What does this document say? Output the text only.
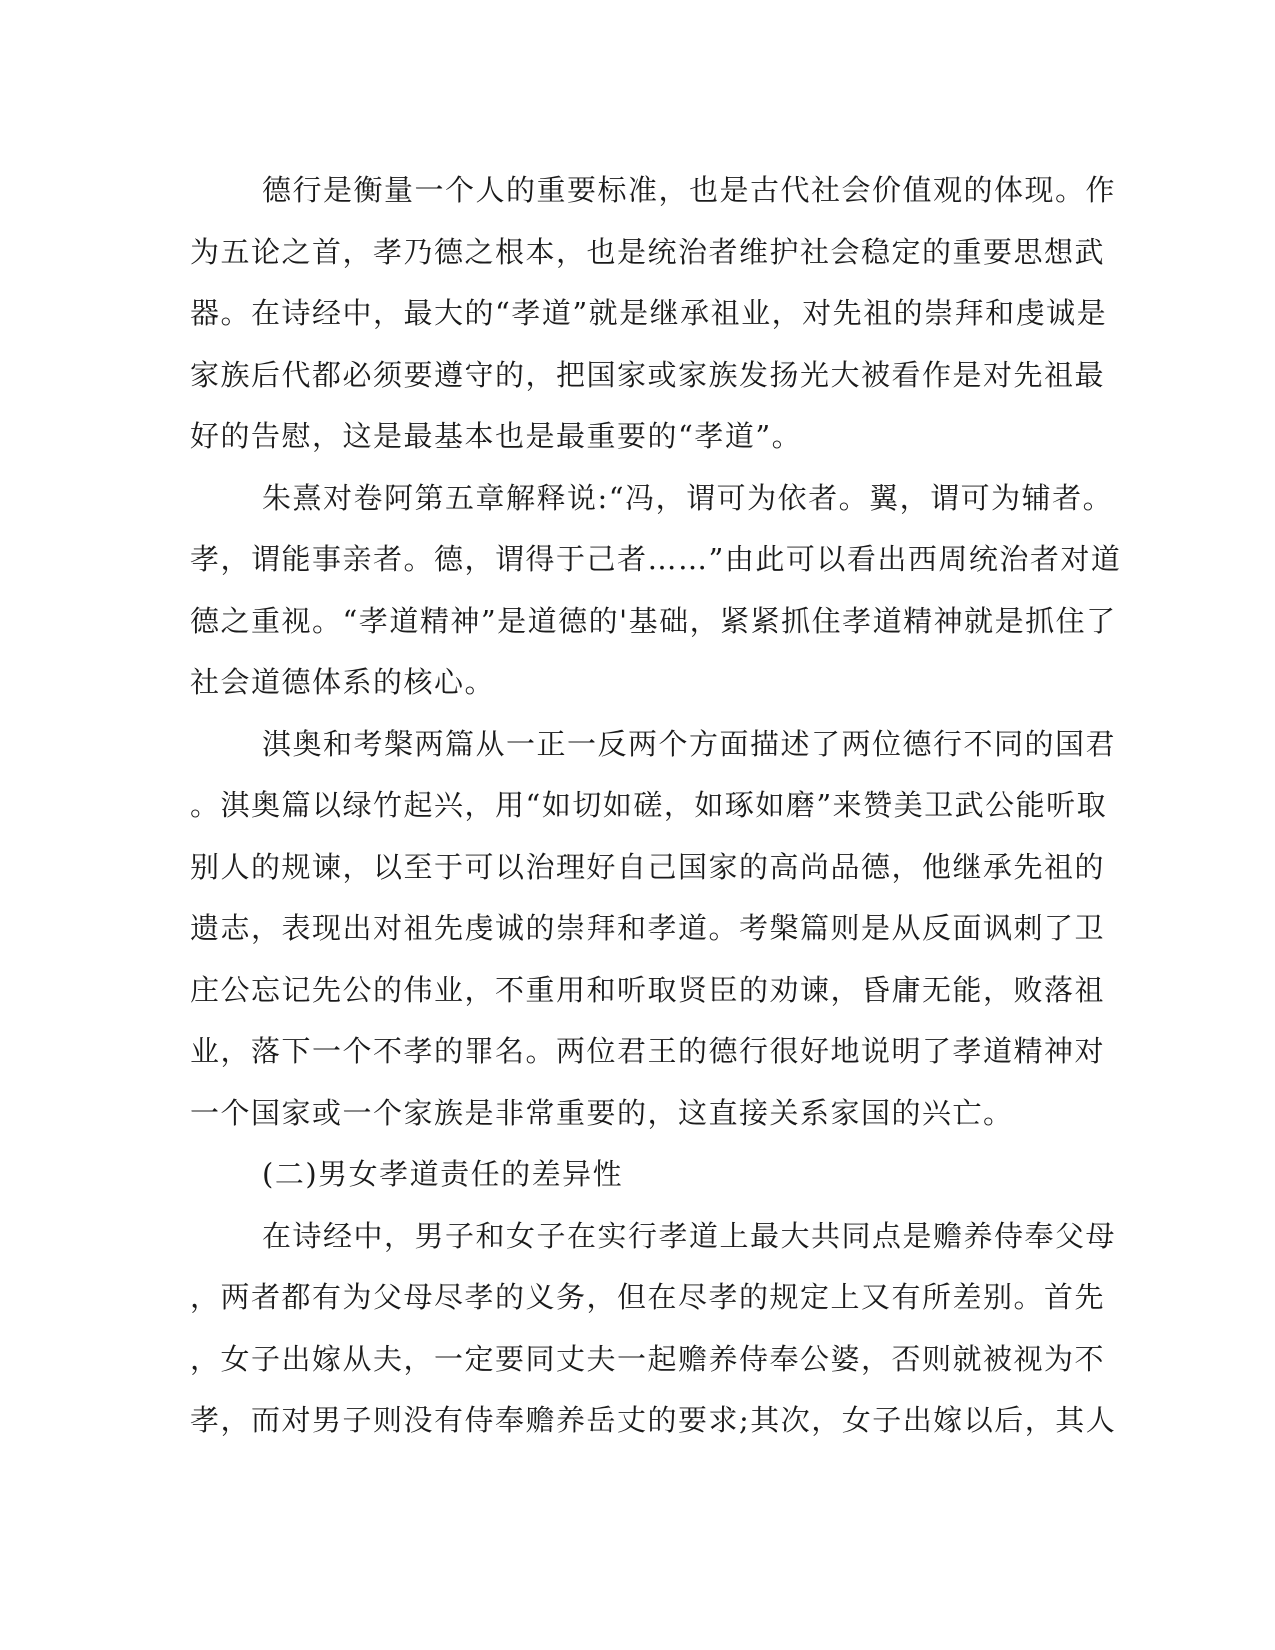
德行是衡量一个人的重要标准，也是古代社会价值观的体现。作
为五论之首，孝乃德之根本，也是统治者维护社会稳定的重要思想武
器。在诗经中，最大的“孝道”就是继承祖业，对先祖的崇拜和虔诚是
家族后代都必须要遵守的，把国家或家族发扬光大被看作是对先祖最
好的告慰，这是最基本也是最重要的“孝道”。
朱熹对卷阿第五章解释说:“冯，谓可为依者。翼，谓可为辅者。
孝，谓能事亲者。德，谓得于己者……”由此可以看出西周统治者对道
德之重视。“孝道精神”是道德的'基础，紧紧抓住孝道精神就是抓住了
社会道德体系的核心。
淇奥和考槃两篇从一正一反两个方面描述了两位德行不同的国君
。淇奥篇以绿竹起兴，用“如切如磋，如琢如磨”来赞美卫武公能听取
别人的规谏，以至于可以治理好自己国家的高尚品德，他继承先祖的
遗志，表现出对祖先虔诚的崇拜和孝道。考槃篇则是从反面讽刺了卫
庄公忘记先公的伟业，不重用和听取贤臣的劝谏，昏庸无能，败落祖
业，落下一个不孝的罪名。两位君王的德行很好地说明了孝道精神对
一个国家或一个家族是非常重要的，这直接关系家国的兴亡。
(二)男女孝道责任的差异性
在诗经中，男子和女子在实行孝道上最大共同点是赡养侍奉父母
，两者都有为父母尽孝的义务，但在尽孝的规定上又有所差别。首先
，女子出嫁从夫，一定要同丈夫一起赡养侍奉公婆，否则就被视为不
孝，而对男子则没有侍奉赡养岳丈的要求;其次，女子出嫁以后，其人
